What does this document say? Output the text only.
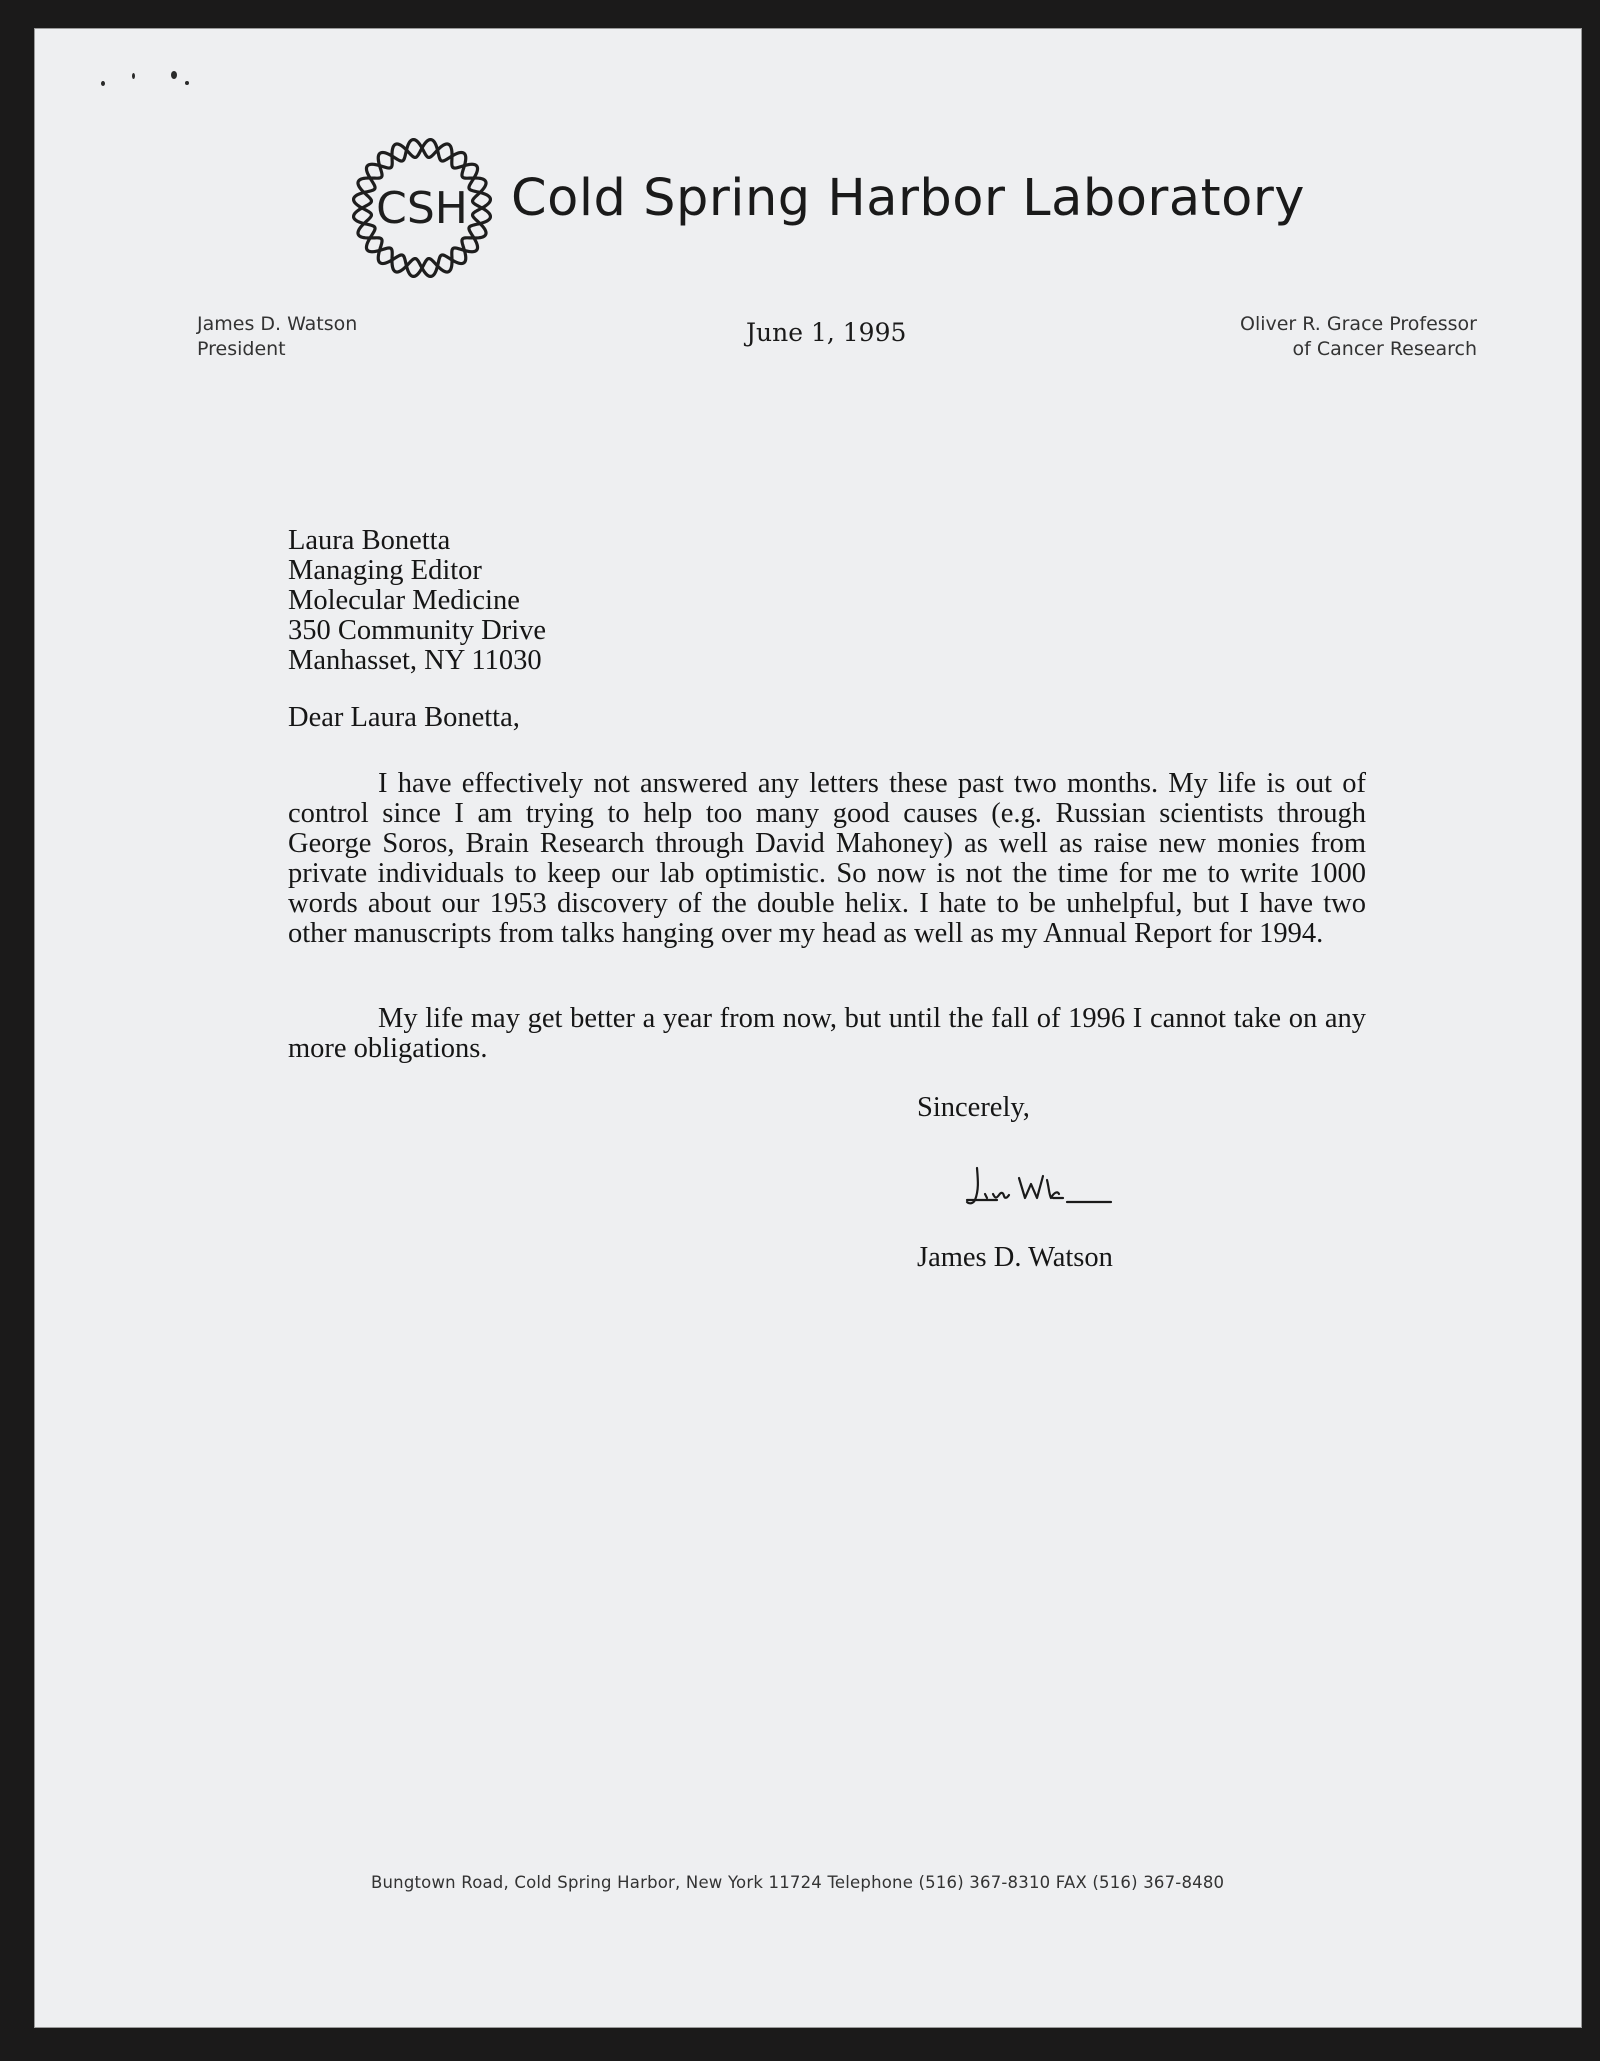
CSH Cold Spring Harbor Laboratory
James D. Watson
President
June 1, 1995	Oliver R. Grace Professor
of Cancer Research
Laura Bonetta
Managing Editor
Molecular Medicine
350 Community Drive
Manhasset, NY 11030
Dear Laura Bonetta,

I have effectively not answered any letters these past two months. My life is out of control since I am trying to help too many good causes (e.g. Russian scientists through George Soros, Brain Research through David Mahoney) as well as raise new monies from private individuals to keep our lab optimistic. So now is not the time for me to write 1000 words about our 1953 discovery of the double helix. I hate to be unhelpful, but I have two other manuscripts from talks hanging over my head as well as my Annual Report for 1994.

My life may get better a year from now, but until the fall of 1996 I cannot take on any more obligations.

Sincerely,
James D. Watson
Bungtown Road, Cold Spring Harbor, New York 11724 Telephone (516) 367-8310 FAX (516) 367-8480
